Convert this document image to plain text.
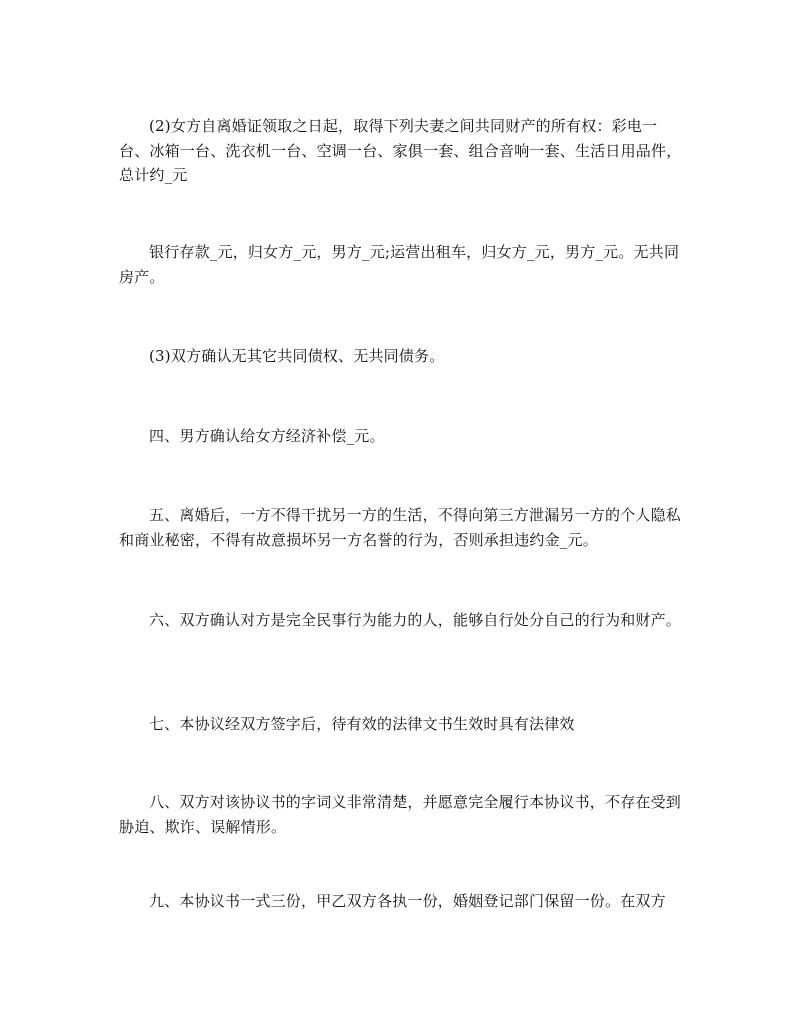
(2)女方自离婚证领取之日起，取得下列夫妻之间共同财产的所有权：彩电一台、冰箱一台、洗衣机一台、空调一台、家俱一套、组合音响一套、生活日用品件，总计约_元

银行存款_元，归女方_元，男方_元;运营出租车，归女方_元，男方_元。无共同房产。

(3)双方确认无其它共同债权、无共同债务。

四、男方确认给女方经济补偿_元。

五、离婚后，一方不得干扰另一方的生活，不得向第三方泄漏另一方的个人隐私和商业秘密，不得有故意损坏另一方名誉的行为，否则承担违约金_元。

六、双方确认对方是完全民事行为能力的人，能够自行处分自己的行为和财产。

七、本协议经双方签字后，待有效的法律文书生效时具有法律效

八、双方对该协议书的字词义非常清楚，并愿意完全履行本协议书，不存在受到胁迫、欺诈、误解情形。

九、本协议书一式三份，甲乙双方各执一份，婚姻登记部门保留一份。在双方
